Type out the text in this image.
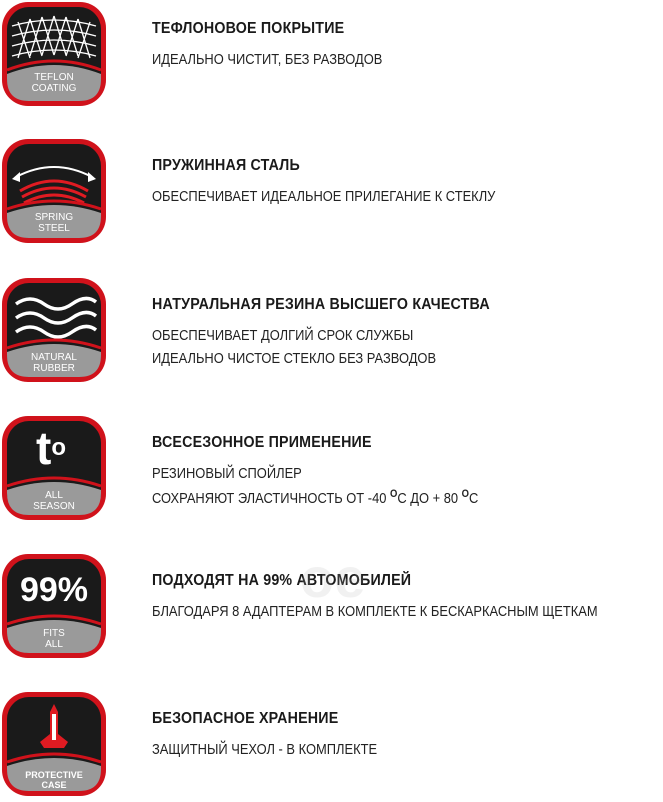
TEFLON
COATING
ТЕФЛОНОВОЕ ПОКРЫТИЕ
ИДЕАЛЬНО ЧИСТИТ, БЕЗ РАЗВОДОВ
SPRING
STEEL
ПРУЖИННАЯ СТАЛЬ
ОБЕСПЕЧИВАЕТ ИДЕАЛЬНОЕ ПРИЛЕГАНИЕ К СТЕКЛУ
NATURAL
RUBBER
НАТУРАЛЬНАЯ РЕЗИНА ВЫСШЕГО КАЧЕСТВА
ОБЕСПЕЧИВАЕТ ДОЛГИЙ СРОК СЛУЖБЫ
ИДЕАЛЬНО ЧИСТОЕ СТЕКЛО БЕЗ РАЗВОДОВ
$t^o$
ALL
SEASON
ВСЕСЕЗОННОЕ ПРИМЕНЕНИЕ
РЕЗИНОВЫЙ СПОЙЛЕР
СОХРАНЯЮТ ЭЛАСТИЧНОСТЬ ОТ -40 $^O$С ДО + 80 $^O$С
99%
FITS
ALL
ПОДХОДЯТ НА 99% АВТОМОБИЛЕЙ
БЛАГОДАРЯ 8 АДАПТЕРАМ В КОМПЛЕКТЕ К БЕСКАРКАСНЫМ ЩЕТКАМ
PROTECTIVE
CASE
БЕЗОПАСНОЕ ХРАНЕНИЕ
ЗАЩИТНЫЙ ЧЕХОЛ - В КОМПЛЕКТЕ
oe
